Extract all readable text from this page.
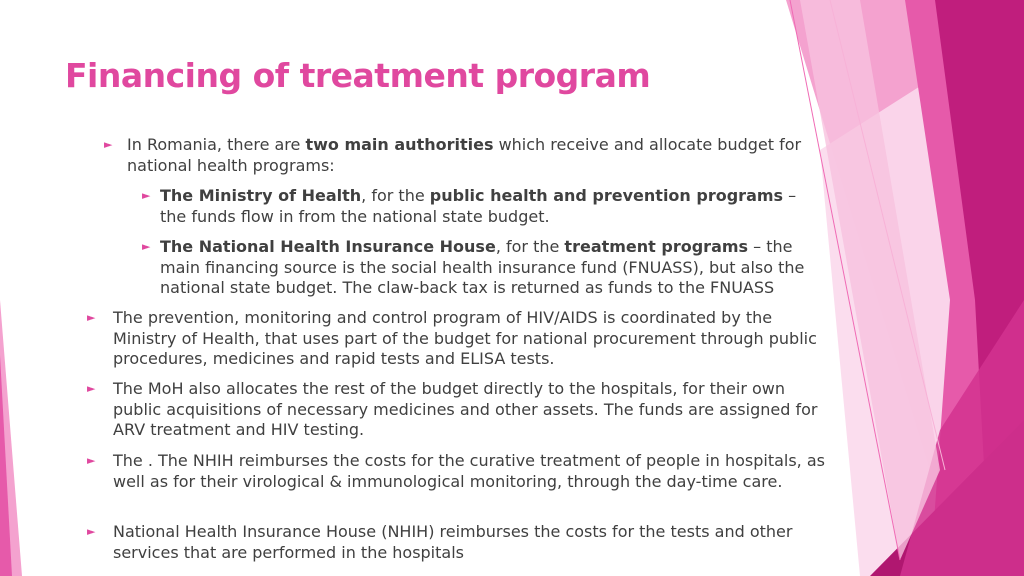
Financing of treatment program
► In Romania, there are two main authorities which receive and allocate budget for national health programs:

► The Ministry of Health, for the public health and prevention programs – the funds flow in from the national state budget.

► The National Health Insurance House, for the treatment programs – the main financing source is the social health insurance fund (FNUASS), but also the national state budget. The claw-back tax is returned as funds to the FNUASS

► The prevention, monitoring and control program of HIV/AIDS is coordinated by the Ministry of Health, that uses part of the budget for national procurement through public procedures, medicines and rapid tests and ELISA tests.

► The MoH also allocates the rest of the budget directly to the hospitals, for their own public acquisitions of necessary medicines and other assets. The funds are assigned for ARV treatment and HIV testing.

► The . The NHIH reimburses the costs for the curative treatment of people in hospitals, as well as for their virological & immunological monitoring, through the day-time care.

► National Health Insurance House (NHIH) reimburses the costs for the tests and other services that are performed in the hospitals
